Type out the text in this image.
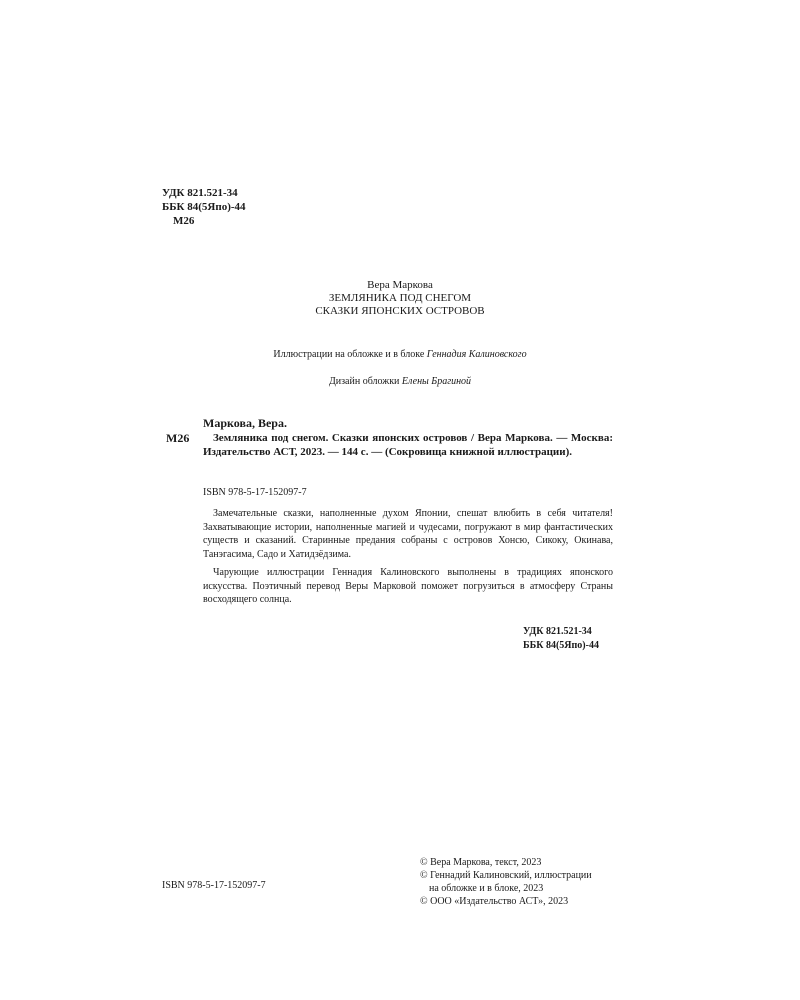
УДК 821.521-34
ББК 84(5Япо)-44
М26
Вера Маркова
ЗЕМЛЯНИКА ПОД СНЕГОМ
СКАЗКИ ЯПОНСКИХ ОСТРОВОВ
Иллюстрации на обложке и в блоке Геннадия Калиновского
Дизайн обложки Елены Брагиной
Маркова, Вера.
М26	Земляника под снегом. Сказки японских островов / Вера Маркова. — Москва: Издательство АСТ, 2023. — 144 с. — (Сокровища книжной иллюстрации).
ISBN 978-5-17-152097-7

Замечательные сказки, наполненные духом Японии, спешат влюбить в себя читателя! Захватывающие истории, наполненные магией и чудесами, погружают в мир фантастических существ и сказаний. Старинные предания собраны с островов Хонсю, Сикоку, Окинава, Танэгасима, Садо и Хатидзёдзима.

Чарующие иллюстрации Геннадия Калиновского выполнены в традициях японского искусства. Поэтичный перевод Веры Марковой поможет погрузиться в атмосферу Страны восходящего солнца.

УДК 821.521-34
ББК 84(5Япо)-44
ISBN 978-5-17-152097-7
© Вера Маркова, текст, 2023
© Геннадий Калиновский, иллюстрации
на обложке и в блоке, 2023
© ООО «Издательство АСТ», 2023
